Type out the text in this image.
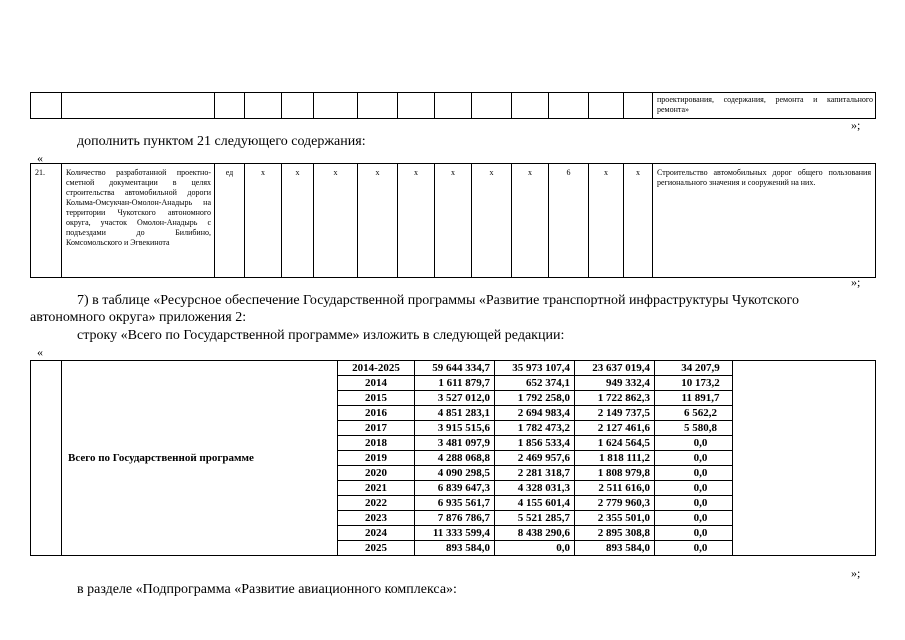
														проектирования, содержания, ремонта и капитального ремонта»
»;
дополнить пунктом 21 следующего содержания:
«
21.	Количество разработанной проектно-сметной документации в целях строительства автомобильной дороги Колыма-Омсукчан-Омолон-Анадырь на территории Чукотского автономного округа, участок Омолон-Анадырь с подъездами до Билибино, Комсомольского и Эгвекинота	ед	х	х	х	х	х	х	х	х	6	х	х	Строительство автомобильных дорог общего пользования регионального значения и сооружений на них.
»;
7) в таблице «Ресурсное обеспечение Государственной программы «Развитие транспортной инфраструктуры Чукотского автономного округа» приложения 2:
строку «Всего по Государственной программе» изложить в следующей редакции:
«
	Всего по Государственной программе	2014-2025	59 644 334,7	35 973 107,4	23 637 019,4	34 207,9	
		2014	1 611 879,7	652 374,1	949 332,4	10 173,2	
		2015	3 527 012,0	1 792 258,0	1 722 862,3	11 891,7	
		2016	4 851 283,1	2 694 983,4	2 149 737,5	6 562,2	
		2017	3 915 515,6	1 782 473,2	2 127 461,6	5 580,8	
		2018	3 481 097,9	1 856 533,4	1 624 564,5	0,0	
		2019	4 288 068,8	2 469 957,6	1 818 111,2	0,0	
		2020	4 090 298,5	2 281 318,7	1 808 979,8	0,0	
		2021	6 839 647,3	4 328 031,3	2 511 616,0	0,0	
		2022	6 935 561,7	4 155 601,4	2 779 960,3	0,0	
		2023	7 876 786,7	5 521 285,7	2 355 501,0	0,0	
		2024	11 333 599,4	8 438 290,6	2 895 308,8	0,0	
		2025	893 584,0	0,0	893 584,0	0,0	
»;
в разделе «Подпрограмма «Развитие авиационного комплекса»:
